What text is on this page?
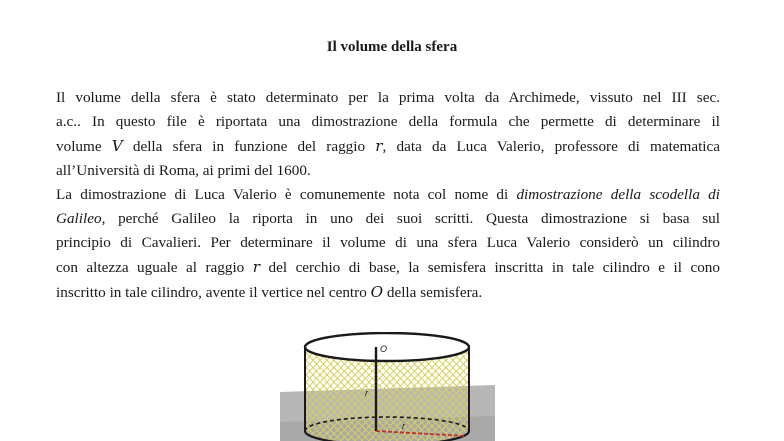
Il volume della sfera
Il volume della sfera è stato determinato per la prima volta da Archimede, vissuto nel III sec.
a.c.. In questo file è riportata una dimostrazione della formula che permette di determinare il
volume V della sfera in funzione del raggio r, data da Luca Valerio, professore di matematica
all’Università di Roma, ai primi del 1600.
La dimostrazione di Luca Valerio è comunemente nota col nome di dimostrazione della scodella di
Galileo, perché Galileo la riporta in uno dei suoi scritti. Questa dimostrazione si basa sul
principio di Cavalieri. Per determinare il volume di una sfera Luca Valerio considerò un cilindro
con altezza uguale al raggio r del cerchio di base, la semisfera inscritta in tale cilindro e il cono
inscritto in tale cilindro, avente il vertice nel centro O della semisfera.
O
r
r
